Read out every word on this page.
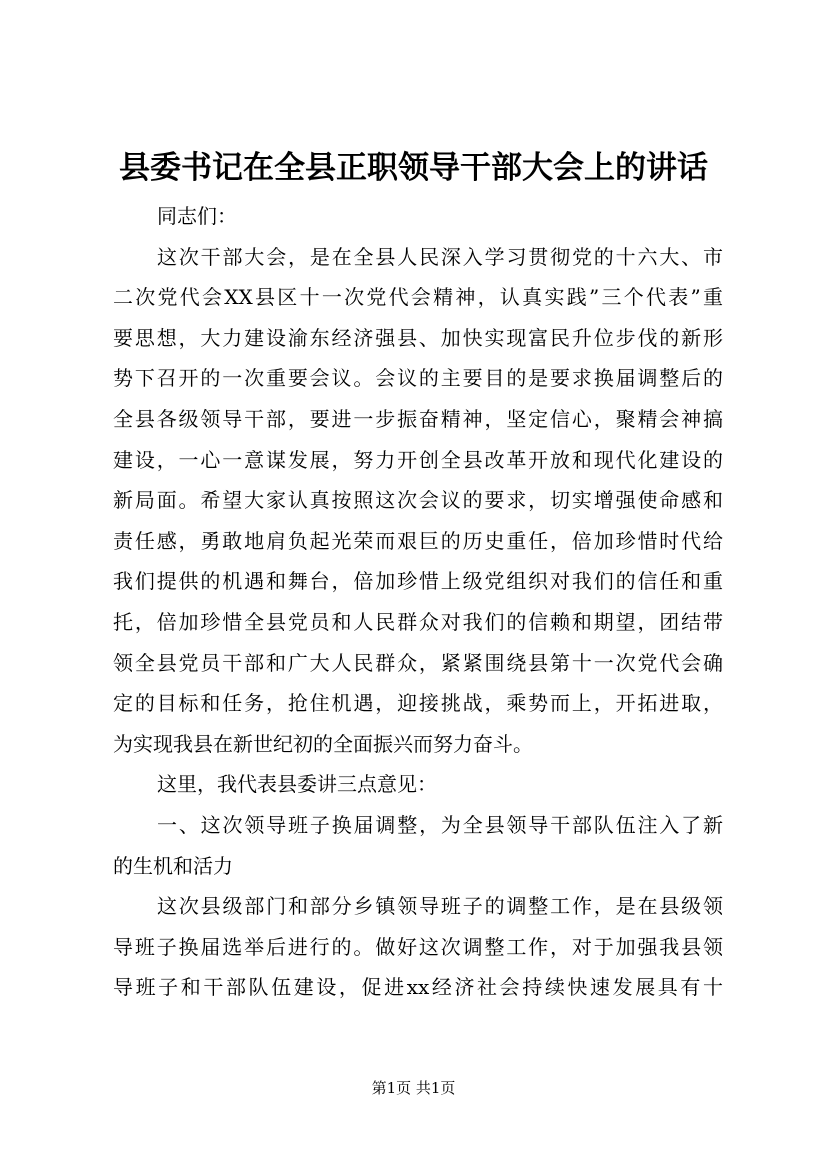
县委书记在全县正职领导干部大会上的讲话
同志们：
这次干部大会，是在全县人民深入学习贯彻党的十六大、市
二次党代会XX县区十一次党代会精神，认真实践”三个代表”重
要思想，大力建设渝东经济强县、加快实现富民升位步伐的新形
势下召开的一次重要会议。会议的主要目的是要求换届调整后的
全县各级领导干部，要进一步振奋精神，坚定信心，聚精会神搞
建设，一心一意谋发展，努力开创全县改革开放和现代化建设的
新局面。希望大家认真按照这次会议的要求，切实增强使命感和
责任感，勇敢地肩负起光荣而艰巨的历史重任，倍加珍惜时代给
我们提供的机遇和舞台，倍加珍惜上级党组织对我们的信任和重
托，倍加珍惜全县党员和人民群众对我们的信赖和期望，团结带
领全县党员干部和广大人民群众，紧紧围绕县第十一次党代会确
定的目标和任务，抢住机遇，迎接挑战，乘势而上，开拓进取，
为实现我县在新世纪初的全面振兴而努力奋斗。
这里，我代表县委讲三点意见：
一、这次领导班子换届调整，为全县领导干部队伍注入了新
的生机和活力
这次县级部门和部分乡镇领导班子的调整工作，是在县级领
导班子换届选举后进行的。做好这次调整工作，对于加强我县领
导班子和干部队伍建设，促进xx经济社会持续快速发展具有十
第1页 共1页
